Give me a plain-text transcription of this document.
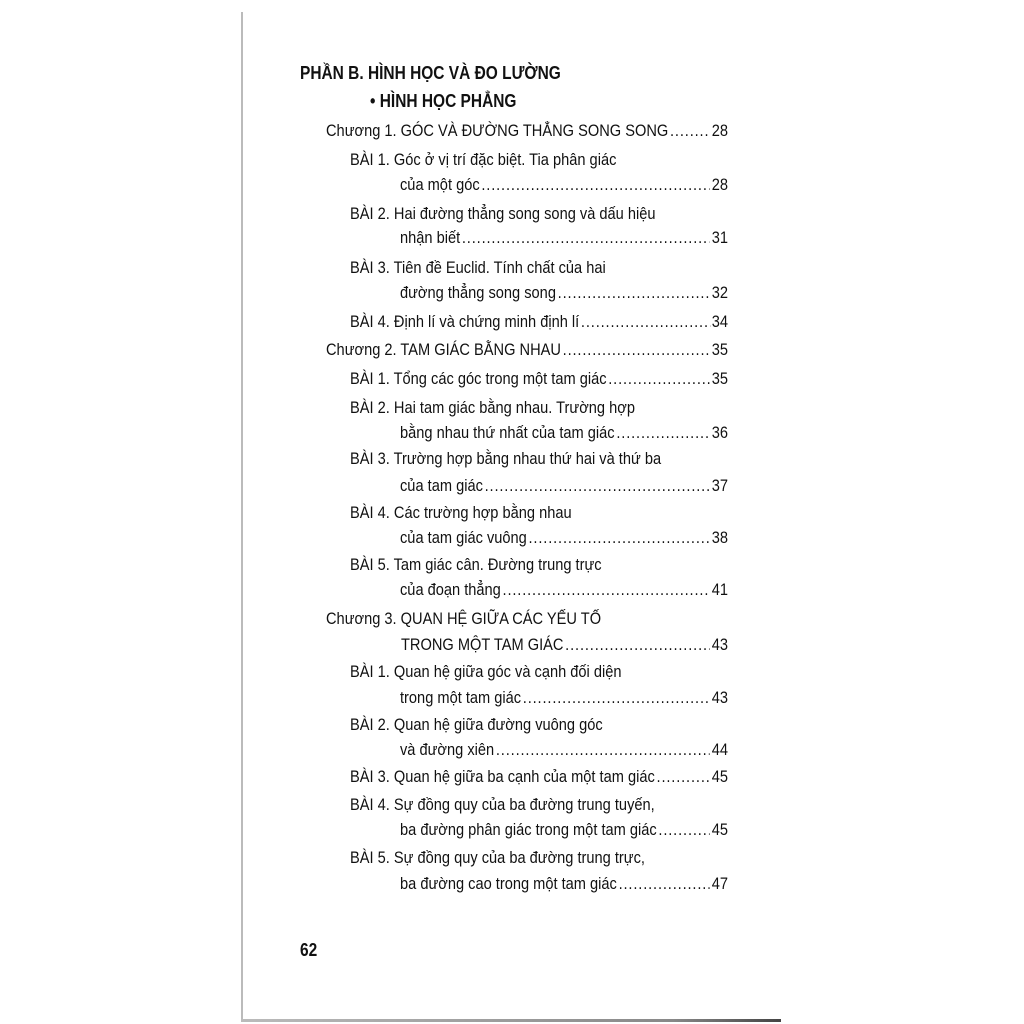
PHẦN B. HÌNH HỌC VÀ ĐO LƯỜNG
• HÌNH HỌC PHẲNG
Chương 1. GÓC VÀ ĐƯỜNG THẲNG SONG SONG .....	28
BÀI 1. Góc ở vị trí đặc biệt. Tia phân giác
của một góc .....	28
BÀI 2. Hai đường thẳng song song và dấu hiệu
nhận biết .....	31
BÀI 3. Tiên đề Euclid. Tính chất của hai
đường thẳng song song .....	32
BÀI 4. Định lí và chứng minh định lí .....	34
Chương 2. TAM GIÁC BẰNG NHAU .....	35
BÀI 1. Tổng các góc trong một tam giác .....	35
BÀI 2. Hai tam giác bằng nhau. Trường hợp
bằng nhau thứ nhất của tam giác .....	36
BÀI 3. Trường hợp bằng nhau thứ hai và thứ ba
của tam giác .....	37
BÀI 4. Các trường hợp bằng nhau
của tam giác vuông .....	38
BÀI 5. Tam giác cân. Đường trung trực
của đoạn thẳng .....	41
Chương 3. QUAN HỆ GIỮA CÁC YẾU TỐ
TRONG MỘT TAM GIÁC .....	43
BÀI 1. Quan hệ giữa góc và cạnh đối diện
trong một tam giác .....	43
BÀI 2. Quan hệ giữa đường vuông góc
và đường xiên .....	44
BÀI 3. Quan hệ giữa ba cạnh của một tam giác .....	45
BÀI 4. Sự đồng quy của ba đường trung tuyến,
ba đường phân giác trong một tam giác .....	45
BÀI 5. Sự đồng quy của ba đường trung trực,
ba đường cao trong một tam giác .....	47
62
